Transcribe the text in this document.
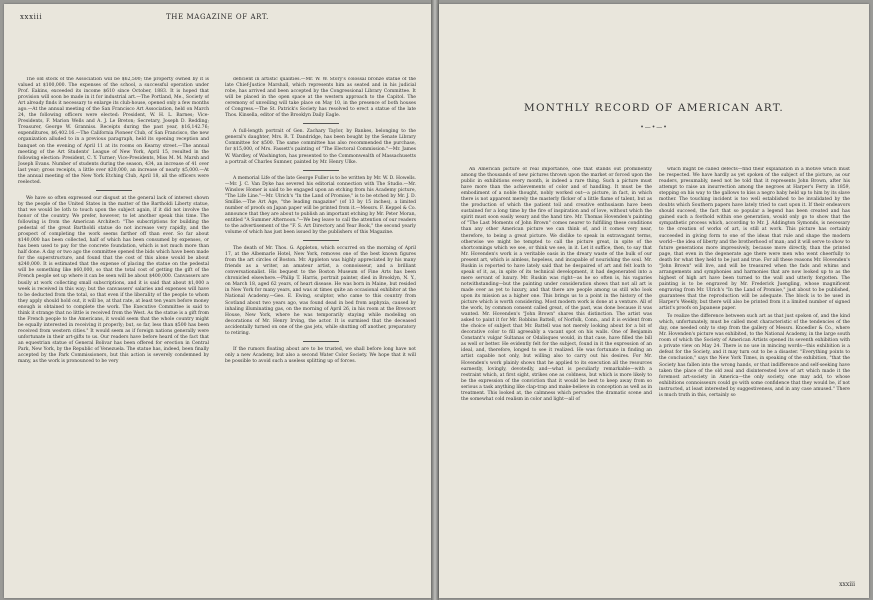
xxxiii	THE MAGAZINE OF ART.

The old stock of the Association will be $62,500; the property owned by it is valued at $100,000. The expenses of the school, a successful operation under Prof. Eakins, exceeded its income $610 since October, 1883. It is hoped that provision will soon be made in it for industrial art.—The Portland, Me., Society of Art already finds it necessary to enlarge its club-house, opened only a few months ago.—At the annual meeting of the San Francisco Art Association, held on March 24, the following officers were elected: President, W. H. L. Barnes; Vice-Presidents, F. Marion Wells and A. J. Le Breton; Secretary, Joseph D. Redding; Treasurer, George W. Granniss. Receipts during the past year, $16,142.76; expenditures, $6,402.16.—The California Pioneer Club, of San Francisco, the new organization alluded to in a previous paragraph, held its opening reception and banquet on the evening of April 11 at its rooms on Kearny street.—The annual meeting of the Art Students' League of New York, April 15, resulted in the following election: President, C. Y. Turner; Vice-Presidents, Miss M. M. Marsh and Joseph Evans. Number of students during the season, 434, an increase of 41 over last year; gross receipts, a little over $20,000, an increase of nearly $5,000.—At the annual meeting of the New York Etching Club, April 18, all the officers were reelected.

We have so often expressed our disgust at the general lack of interest shown by the people of the United States in the matter of the Bartholdi Liberty statue, that we would be loth to touch upon the subject again, if it did not involve the honor of the country. We prefer, however, to let another speak this time. The following is from the American Architect: "The subscriptions for building the pedestal of the great Bartholdi statue do not increase very rapidly, and the prospect of completing the work seems farther off than ever. So far about $140,000 has been collected, half of which has been consumed by expenses, or has been used to pay for the concrete foundation, which is not much more than half done. A day or two ago the committee opened the bids which have been made for the superstructure, and found that the cost of this alone would be about $240,000. It is estimated that the expense of placing the statue on the pedestal will be something like $60,000, so that the total cost of getting the gift of the French people set up where it can be seen will be about $400,000. Canvassers are busily at work collecting small subscriptions, and it is said that about $1,000 a week is received in this way; but the canvassers' salaries and expenses will have to be deducted from the total, so that even if the liberality of the people to whom they apply should hold out, it will be, at that rate, at least ten years before money enough is obtained to complete the work. The Executive Committee is said to think it strange that no little is received from the West. As the statue is a gift from the French people to the Americans, it would seem that the whole country might be equally interested in receiving it properly; but, so far, less than $500 has been received from western cities." It would seem as if foreign nations generally were unfortunate in their art-gifts to us. Our readers have before heard of the fact that an equestrian statue of General Bolivar has been offered for erection in Central Park, New York, by the Republic of Venezuela. The statue has, indeed, been finally accepted by the Park Commissioners, but this action is severely condemned by many, as the work is pronounced to be very

deficient in artistic qualities.—Mr. W. W. Story's colossal bronze statue of the late Chief-Justice Marshall, which represents him as seated and in his judicial robe, has arrived and been accepted by the Congressional Library Committee. It will be placed in the open space at the western approach to the Capitol. The ceremony of unveiling will take place on May 10, in the presence of both houses of Congress.—The St. Patrick's Society has resolved to erect a statue of the late Thos. Kinsella, editor of the Brooklyn Daily Eagle.

A full-length portrait of Gen. Zachary Taylor, by Bankes, belonging to the general's daughter, Mrs. R. T. Dandridge, has been bought by the Senate Library Committee for $500. The same committee has also recommended the purchase, for $15,000, of Mrs. Fassett's painting of "The Electoral Commission."—Mr. James W. Wardley, of Washington, has presented to the Commonwealth of Massachusetts a portrait of Charles Sumner, painted by Mr. Henry Ulke.

A memorial Life of the late George Fuller is to be written by Mr. W. D. Howells.—Mr. J. C. Van Dyke has severed his editorial connection with The Studio.—Mr. Winslow Homer is said to be engaged upon an etching from his Academy picture, "The Life Line."—Mr. Ulrich's "In the Land of Promise," is to be etched by Mr. J. D. Smillie.—The Art Age, "the leading magazine" (of 13 by 15 inches), a limited number of proofs on Japan paper will be printed from it.—Messrs. F. Keppel & Co. announce that they are about to publish an important etching by Mr. Peter Moran, entitled "A Summer Afternoon."—We beg leave to call the attention of our readers to the advertisement of the "F. S. Art Directory and Year Book," the second yearly volume of which has just been issued by the publishers of this Magazine.

The death of Mr. Thos. G. Appleton, which occurred on the morning of April 17, at the Albemarle Hotel, New York, removes one of the best known figures from the art circles of Boston. Mr. Appleton was highly appreciated by his many friends as a writer, an amateur artist, a connoisseur, and a brilliant conversationalist. His bequest to the Boston Museum of Fine Arts has been chronicled elsewhere.—Philip T. Harris, portrait painter, died in Brooklyn, N. Y., on March 18, aged 62 years, of heart disease. He was born in Maine, but resided in New York for many years, and was at times quite an occasional exhibitor at the National Academy.—Geo. E. Ewing, sculptor, who came to this country from Scotland about two years ago, was found dead in bed from asphyxia, caused by inhaling illuminating gas, on the morning of April 26, in his room at the Brevoort House, New York, where he was temporarily staying while modeling on decorations of Mr. Henry Irving, the actor. It is surmised that the deceased accidentally turned on one of the gas jets, while shutting off another, preparatory to retiring.

If the rumors floating about are to be trusted, we shall before long have not only a new Academy, but also a second Water Color Society. We hope that it will be possible to avoid such a useless splitting up of forces.

MONTHLY RECORD OF AMERICAN ART.
•—•—•

An American picture of real importance, one that stands out prominently among the thousands of new pictures thrown upon the market or forced upon the public in exhibitions every month, is indeed a rare thing. Such a picture must have more than the achievements of color and of handling. It must be the embodiment of a noble thought, nobly worked out—a picture, in fact, in which there is not apparent merely the masterly flicker of a little flame of talent, but as the production of which the patient toil and creative enthusiasm have been sustained for a long time by the fire of inspiration and of love, without which the spirit must soon easily weary and the hand tire. Mr. Thomas Hovenden's painting of "The Last Moments of John Brown" comes nearer to fulfilling these conditions than any other American picture we can think of, and it comes very near, therefore, to being a great picture. We dislike to speak in extravagant terms, otherwise we might be tempted to call the picture great, in spite of the shortcomings which we see, or think we see, in it. Let it suffice, then, to say that Mr. Hovenden's work is a veritable oasis in the dreary waste of the bulk of our present art, which is aimless, hopeless, and incapable of nourishing the soul. Mr. Ruskin is reported to have lately said that he despaired of art and felt loath to speak of it, as, in spite of its technical development, it had degenerated into a mere servant of luxury. Mr. Ruskin was right—as he so often is, his vagaries notwithstanding—but the painting under consideration shows that not all art is made over as yet to luxury, and that there are people among us still who look upon its mission as a higher one. This brings us to a point in the history of the picture which is worth considering. Most modern work is done at a venture. All of the work, by common consent called great, of the past, was done because it was wanted. Mr. Hovenden's "John Brown" shares this distinction. The artist was asked to paint it for Mr. Robbins Battell, of Norfolk, Conn., and it is evident from the choice of subject that Mr. Battell was not merely looking about for a bit of decorative color to fill agreeably a vacant spot on his walls. One of Benjamin Constant's vulgar Sultanas or Odalisques would, in that case, have filled the bill as well or better. He evidently felt for the subject, found in it the expression of an ideal, and, therefore, longed to see it realized. He was fortunate in finding an artist capable not only, but willing also to carry out his desires. For Mr. Hovenden's work plainly shows that he applied to its execution all the resources earnestly, lovingly, devotedly, and—what is peculiarly remarkable—with a restraint which, at first sight, strikes one as coldness, but which is more likely to be the expression of the conviction that it would be best to keep away from so serious a task anything like clap-trap and make-believe in conception as well as in treatment. This looked at, the calmness which pervades the dramatic scene and the somewhat cold realism in color and light—all of

which might be called defects—find their explanation in a motive which must be respected. We have hardly as yet spoken of the subject of the picture, as our readers, presumably, need not be told that it represents John Brown, after his attempt to raise an insurrection among the negroes at Harper's Ferry in 1859, stepping on his way to the gallows to kiss a negro baby held up to him by its slave mother. The touching incident is too well established to be invalidated by the doubts which Southern papers have lately tried to cast upon it. If their endeavors should succeed, the fact that so popular a legend has been created and has gained such a foothold within one generation, would only go to show that the sympathetic process which, according to Mr. J. Addington Symonds, is necessary to the creation of works of art, is still at work. This picture has certainly succeeded in giving form to one of the ideas that rule and shape the modern world—the idea of liberty and the brotherhood of man; and it will serve to show to future generations more impressively, because more directly, than the printed page, that even in the degenerate age there were men who went cheerfully to death for what they held to be just and true. For all these reasons Mr. Hovenden's "John Brown" will live, and will be treasured when the fads and whims and arrangements and symphonies and harmonies that are now looked up to as the highest of high art have been turned to the wall and utterly forgotten. The painting is to be engraved by Mr. Frederick Juengling, whose magnificent engraving from Mr. Ulrich's "In the Land of Promise," just about to be published, guarantees that the reproduction will be adequate. The block is to be used in Harper's Weekly, but there will also be printed from it a limited number of signed artist's proofs on Japanese paper.

To realize the difference between such art as that just spoken of, and the kind which, unfortunately, must be called most characteristic of the tendencies of the day, one needed only to step from the gallery of Messrs. Knoedler & Co., where Mr. Hovenden's picture was exhibited, to the National Academy, in the large south room of which the Society of American Artists opened its seventh exhibition with a private view on May 24. There is no use in mincing words—this exhibition is a defeat for the Society, and it may turn out to be a disaster. "Everything points to the conclusion," says the New York Times, in speaking of the exhibition, "that the Society has fallen into the wrong hands, or that indifference and self-seeking have taken the place of the old zeal and disinterested love of art which made it the foremost art-society in America—the only society, one may add, to whose exhibitions connoisseurs could go with some confidence that they would be, if not instructed, at least interested by suggestiveness, and in any case amused." There is much truth in this, certainly so

xxxiii
